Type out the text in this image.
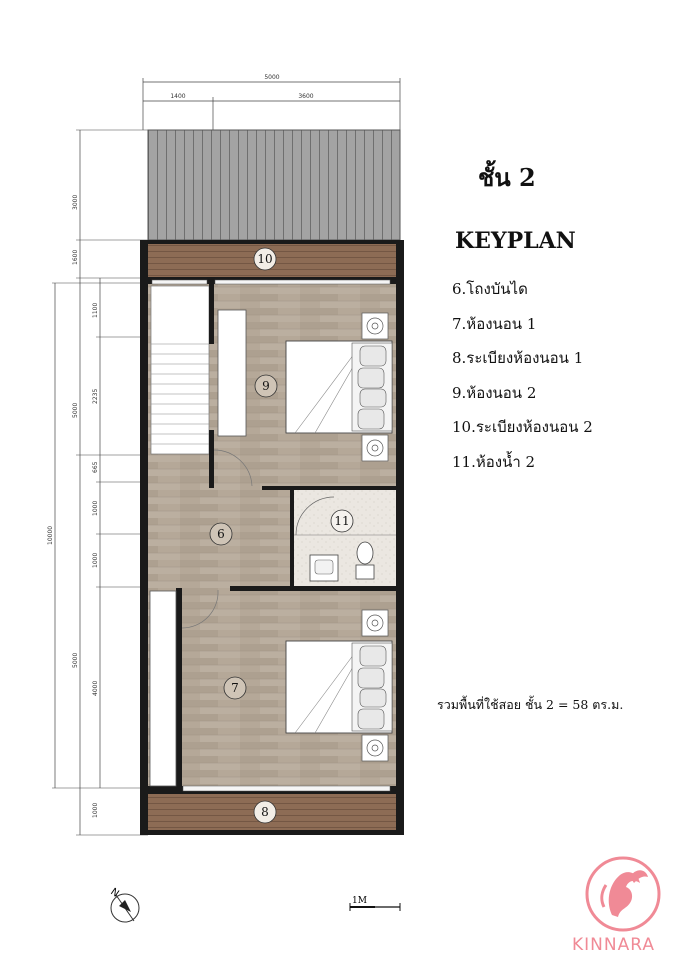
5000
1400	3600
3000
1600
1100
2235
665
1000
1000
4000
1000
5000
5000
10000
10
9
11
6
7
8
N
1M
ชั้น 2
KEYPLAN
6.โถงบันได
7.ห้องนอน 1
8.ระเบียงห้องนอน 1
9.ห้องนอน 2
10.ระเบียงห้องนอน 2
11.ห้องน้ำ 2

รวมพื้นที่ใช้สอย ชั้น 2 = 58 ตร.ม.

KINNARA
